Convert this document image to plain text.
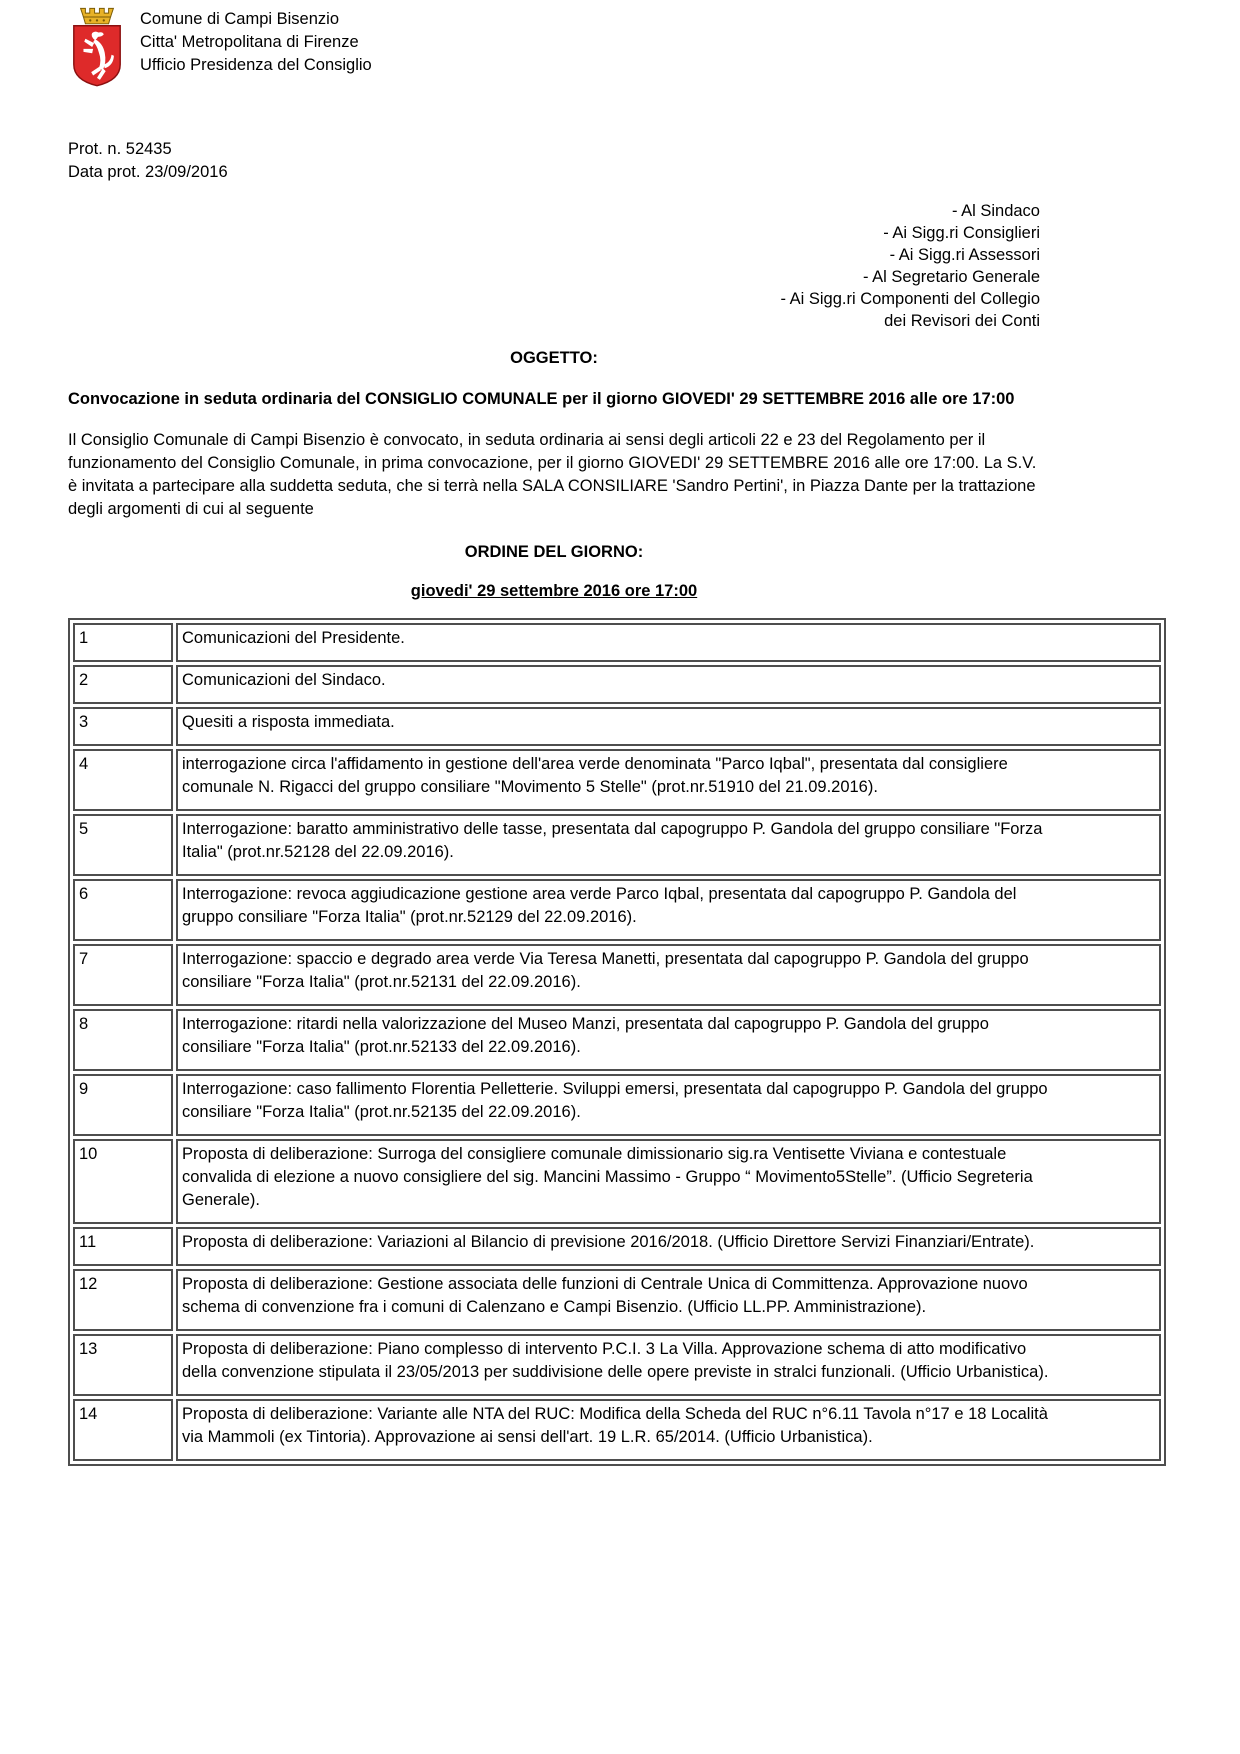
Comune di Campi Bisenzio
Citta' Metropolitana di Firenze
Ufficio Presidenza del Consiglio
Prot. n. 52435
Data prot. 23/09/2016
- Al Sindaco
- Ai Sigg.ri Consiglieri
- Ai Sigg.ri Assessori
- Al Segretario Generale
- Ai Sigg.ri Componenti del Collegio
dei Revisori dei Conti
OGGETTO:
Convocazione in seduta ordinaria del CONSIGLIO COMUNALE per il giorno GIOVEDI' 29 SETTEMBRE 2016 alle ore 17:00
Il Consiglio Comunale di Campi Bisenzio è convocato, in seduta ordinaria ai sensi degli articoli 22 e 23 del Regolamento per il funzionamento del Consiglio Comunale, in prima convocazione, per il giorno GIOVEDI' 29 SETTEMBRE 2016 alle ore 17:00. La S.V. è invitata a partecipare alla suddetta seduta, che si terrà nella SALA CONSILIARE 'Sandro Pertini', in Piazza Dante per la trattazione degli argomenti di cui al seguente
ORDINE DEL GIORNO:
giovedi' 29 settembre 2016 ore 17:00
1	Comunicazioni del Presidente.

2	Comunicazioni del Sindaco.

3	Quesiti a risposta immediata.

4	interrogazione circa l'affidamento in gestione dell'area verde denominata "Parco Iqbal", presentata dal consigliere comunale N. Rigacci del gruppo consiliare "Movimento 5 Stelle" (prot.nr.51910 del 21.09.2016).

5	Interrogazione: baratto amministrativo delle tasse, presentata dal capogruppo P. Gandola del gruppo consiliare "Forza Italia" (prot.nr.52128 del 22.09.2016).

6	Interrogazione: revoca aggiudicazione gestione area verde Parco Iqbal, presentata dal capogruppo P. Gandola del gruppo consiliare "Forza Italia" (prot.nr.52129 del 22.09.2016).

7	Interrogazione: spaccio e degrado area verde Via Teresa Manetti, presentata dal capogruppo P. Gandola del gruppo consiliare "Forza Italia" (prot.nr.52131 del 22.09.2016).

8	Interrogazione: ritardi nella valorizzazione del Museo Manzi, presentata dal capogruppo P. Gandola del gruppo consiliare "Forza Italia" (prot.nr.52133 del 22.09.2016).

9	Interrogazione: caso fallimento Florentia Pelletterie. Sviluppi emersi, presentata dal capogruppo P. Gandola del gruppo consiliare "Forza Italia" (prot.nr.52135 del 22.09.2016).

10	Proposta di deliberazione: Surroga del consigliere comunale dimissionario sig.ra Ventisette Viviana e contestuale convalida di elezione a nuovo consigliere del sig. Mancini Massimo - Gruppo “ Movimento5Stelle”. (Ufficio Segreteria Generale).

11	Proposta di deliberazione: Variazioni al Bilancio di previsione 2016/2018. (Ufficio Direttore Servizi Finanziari/Entrate).

12	Proposta di deliberazione: Gestione associata delle funzioni di Centrale Unica di Committenza. Approvazione nuovo schema di convenzione fra i comuni di Calenzano e Campi Bisenzio. (Ufficio LL.PP. Amministrazione).

13	Proposta di deliberazione: Piano complesso di intervento P.C.I. 3 La Villa. Approvazione schema di atto modificativo della convenzione stipulata il 23/05/2013 per suddivisione delle opere previste in stralci funzionali. (Ufficio Urbanistica).

14	Proposta di deliberazione: Variante alle NTA del RUC: Modifica della Scheda del RUC n°6.11 Tavola n°17 e 18 Località via Mammoli (ex Tintoria). Approvazione ai sensi dell'art. 19 L.R. 65/2014. (Ufficio Urbanistica).
